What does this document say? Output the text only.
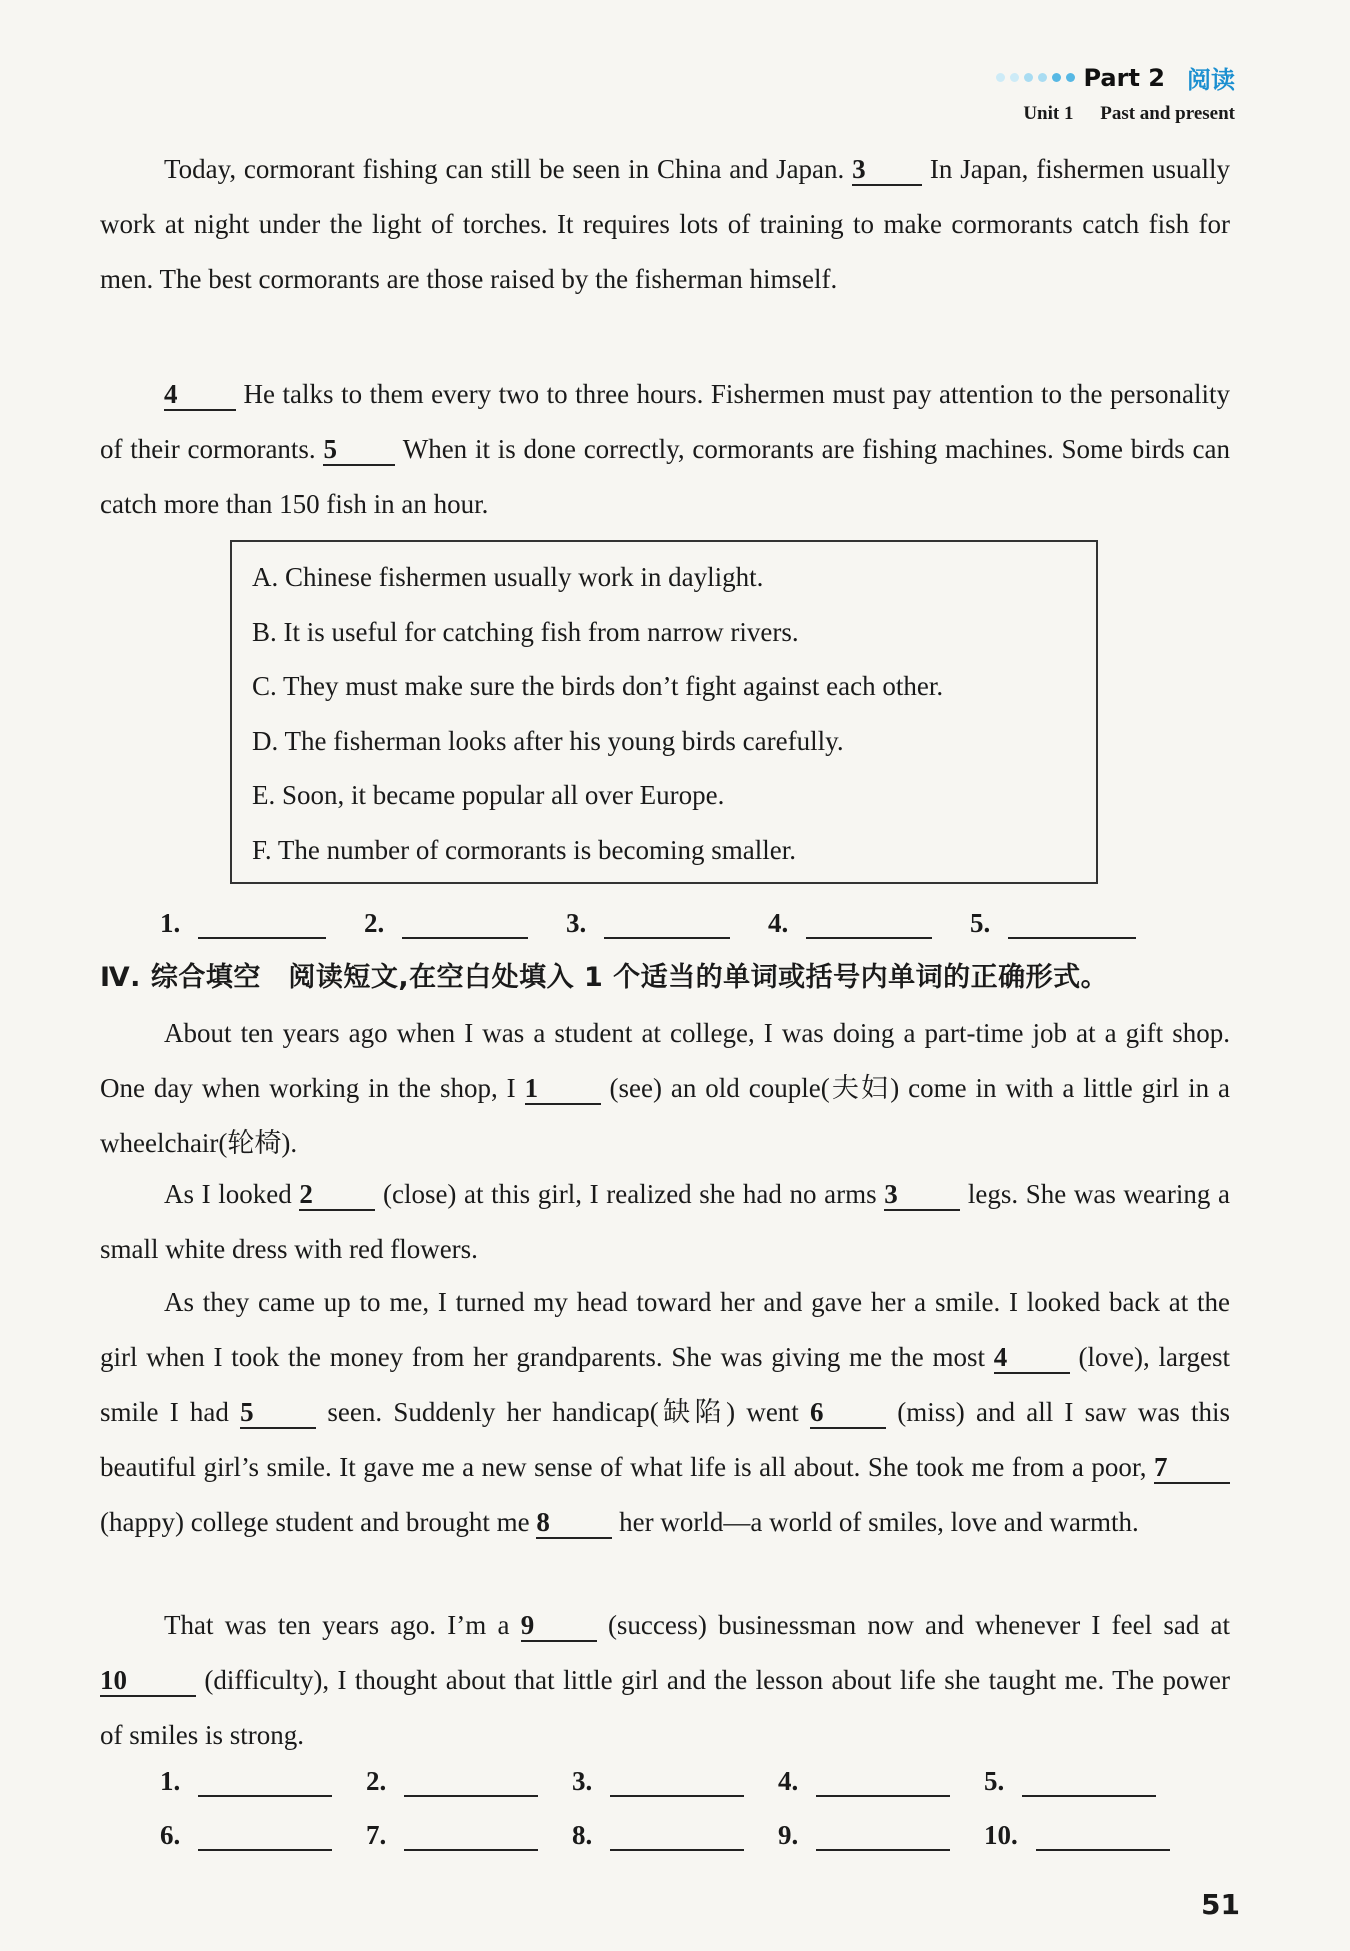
Part 2 阅读
Unit 1 Past and present
Today, cormorant fishing can still be seen in China and Japan. 3 In Japan, fishermen usually work at night under the light of torches. It requires lots of training to make cormorants catch fish for men. The best cormorants are those raised by the fisherman himself.
4 He talks to them every two to three hours. Fishermen must pay attention to the personality of their cormorants. 5 When it is done correctly, cormorants are fishing machines. Some birds can catch more than 150 fish in an hour.
A. Chinese fishermen usually work in daylight.
B. It is useful for catching fish from narrow rivers.
C. They must make sure the birds don’t fight against each other.
D. The fisherman looks after his young birds carefully.
E. Soon, it became popular all over Europe.
F. The number of cormorants is becoming smaller.
1.	2.	3.	4.	5.
Ⅳ. 综合填空　阅读短文,在空白处填入 1 个适当的单词或括号内单词的正确形式。
About ten years ago when I was a student at college, I was doing a part-time job at a gift shop. One day when working in the shop, I 1	(see) an old couple(夫妇) come in with a little girl in a wheelchair(轮椅).
As I looked 2	(close) at this girl, I realized she had no arms 3	legs. She was wearing a small white dress with red flowers.
As they came up to me, I turned my head toward her and gave her a smile. I looked back at the girl when I took the money from her grandparents. She was giving me the most 4	(love), largest smile I had 5	seen. Suddenly her handicap(缺陷) went 6	(miss) and all I saw was this beautiful girl’s smile. It gave me a new sense of what life is all about. She took me from a poor, 7 (happy) college student and brought me 8	her world—a world of smiles, love and warmth.
That was ten years ago. I’m a 9	(success) businessman now and whenever I feel sad at 10	(difficulty), I thought about that little girl and the lesson about life she taught me. The power of smiles is strong.
1.	2.	3.	4.	5.
6.	7.	8.	9.	10.
51
